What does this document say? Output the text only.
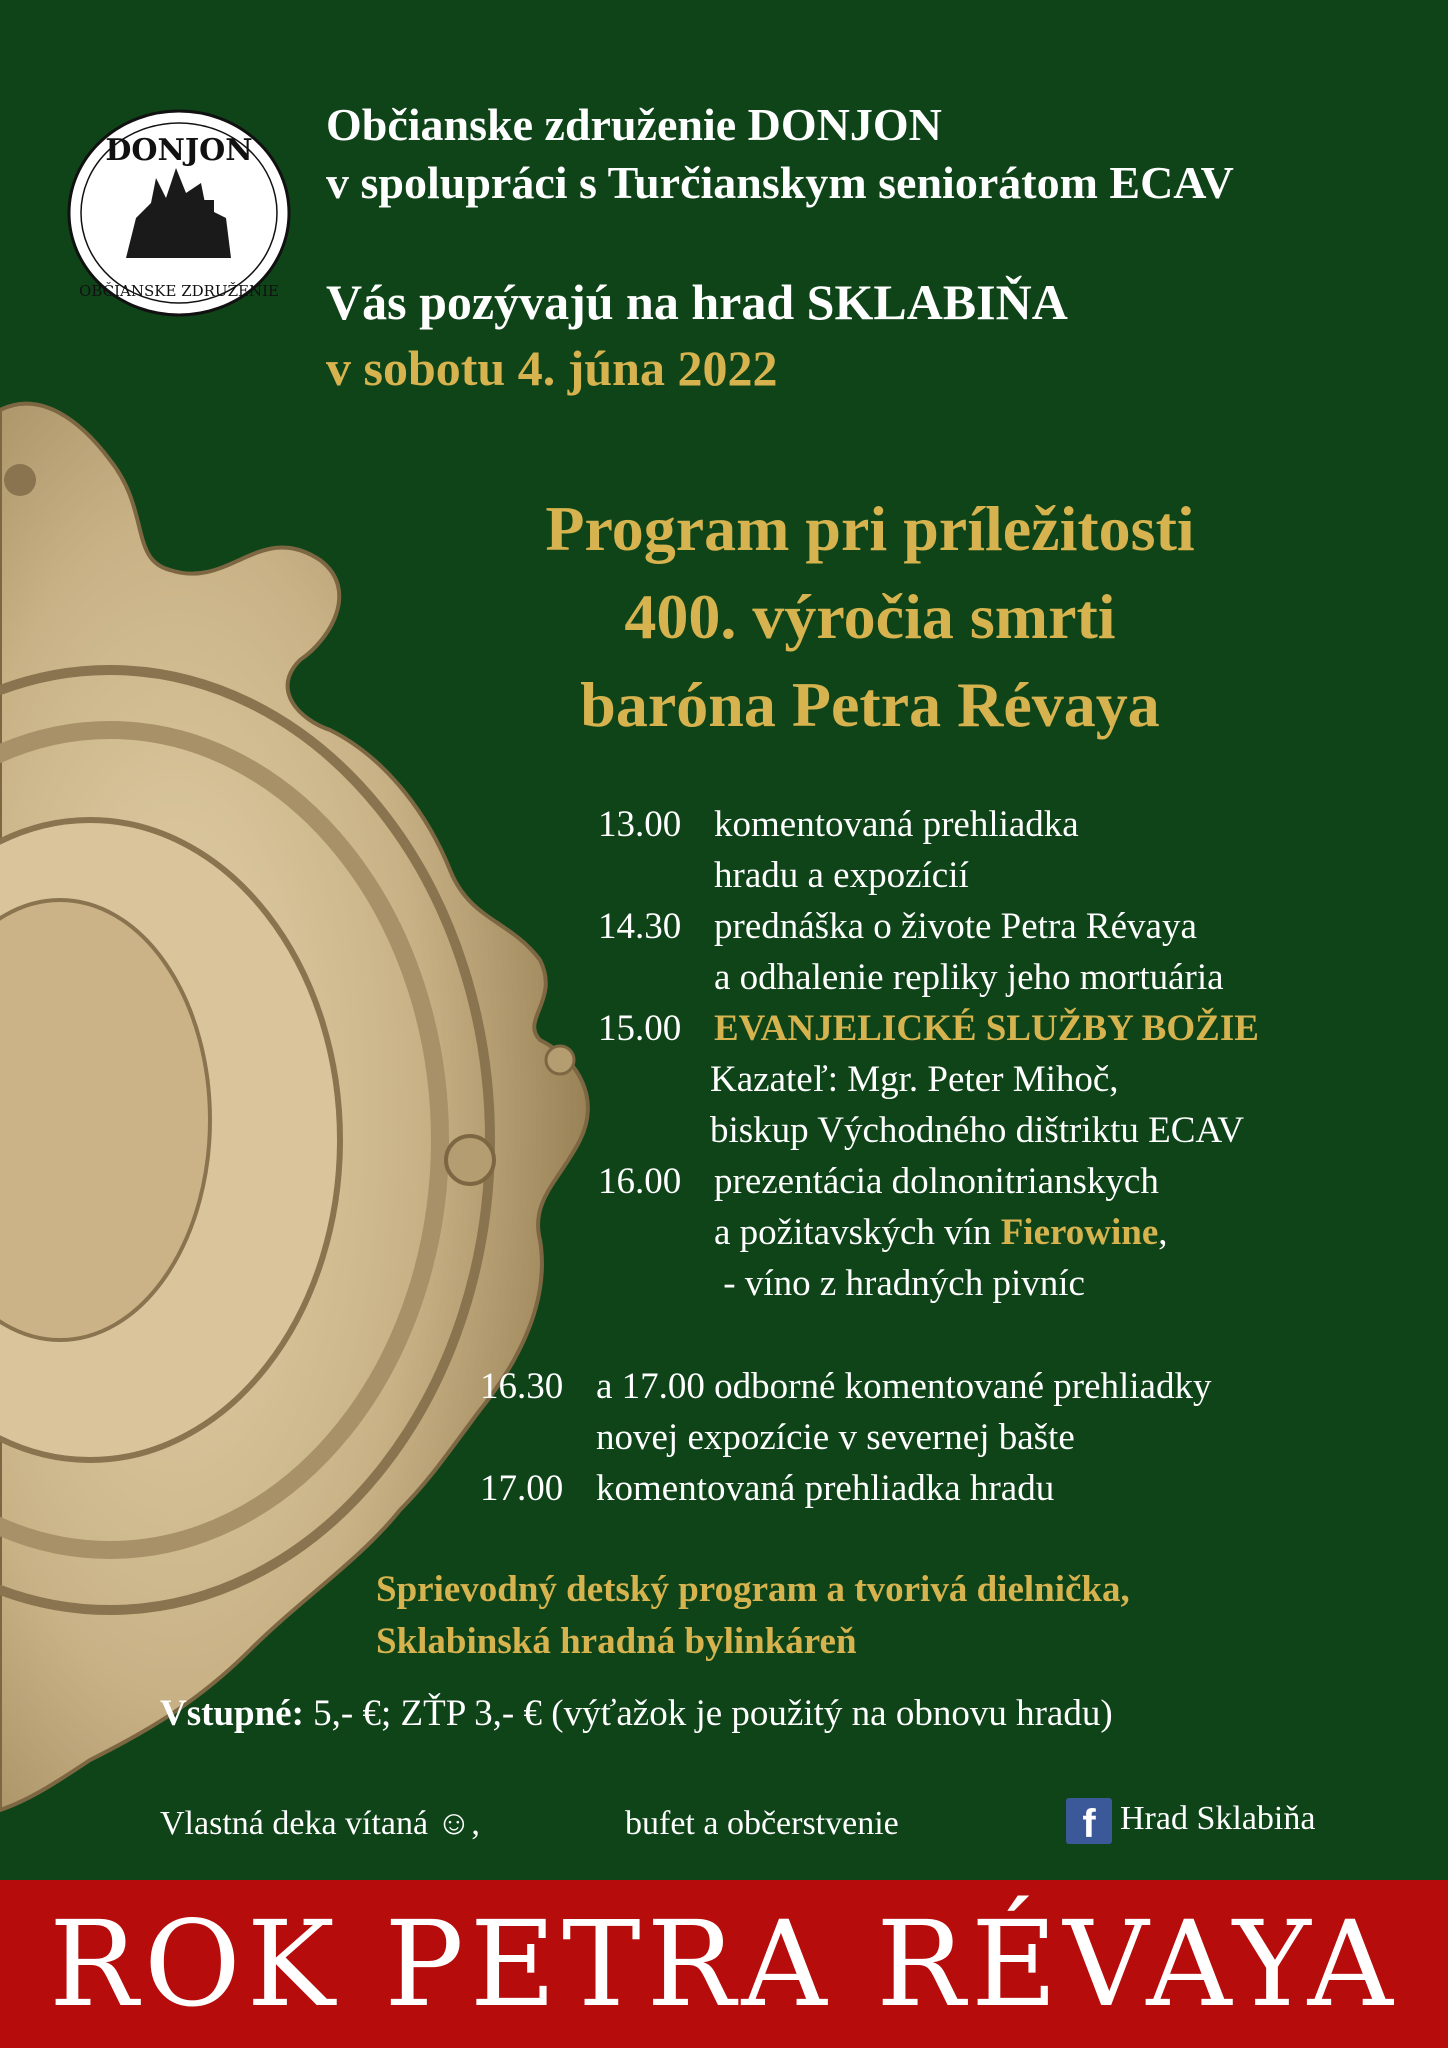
DONJON
OBČIANSKE ZDRUŽENIE
Občianske združenie DONJON
v spolupráci s Turčianskym seniorátom ECAV
Vás pozývajú na hrad SKLABIŇA
v sobotu 4. júna 2022
Program pri príležitosti
400. výročia smrti
baróna Petra Révaya
13.00 komentovaná prehliadka
hradu a expozícií
14.30 prednáška o živote Petra Révaya
a odhalenie repliky jeho mortuária
15.00 EVANJELICKÉ SLUŽBY BOŽIE
Kazateľ: Mgr. Peter Mihoč,
biskup Východného dištriktu ECAV
16.00 prezentácia dolnonitrianskych
a požitavských vín Fierowine,
- víno z hradných pivníc
16.30 a 17.00 odborné komentované prehliadky
novej expozície v severnej bašte
17.00 komentovaná prehliadka hradu
Sprievodný detský program a tvorivá dielnička,
Sklabinská hradná bylinkáreň
Vstupné: 5,- €; ZŤP 3,- € (výťažok je použitý na obnovu hradu)
Vlastná deka vítaná ☺,	bufet a občerstvenie	f Hrad Sklabiňa
ROK PETRA RÉVAYA
